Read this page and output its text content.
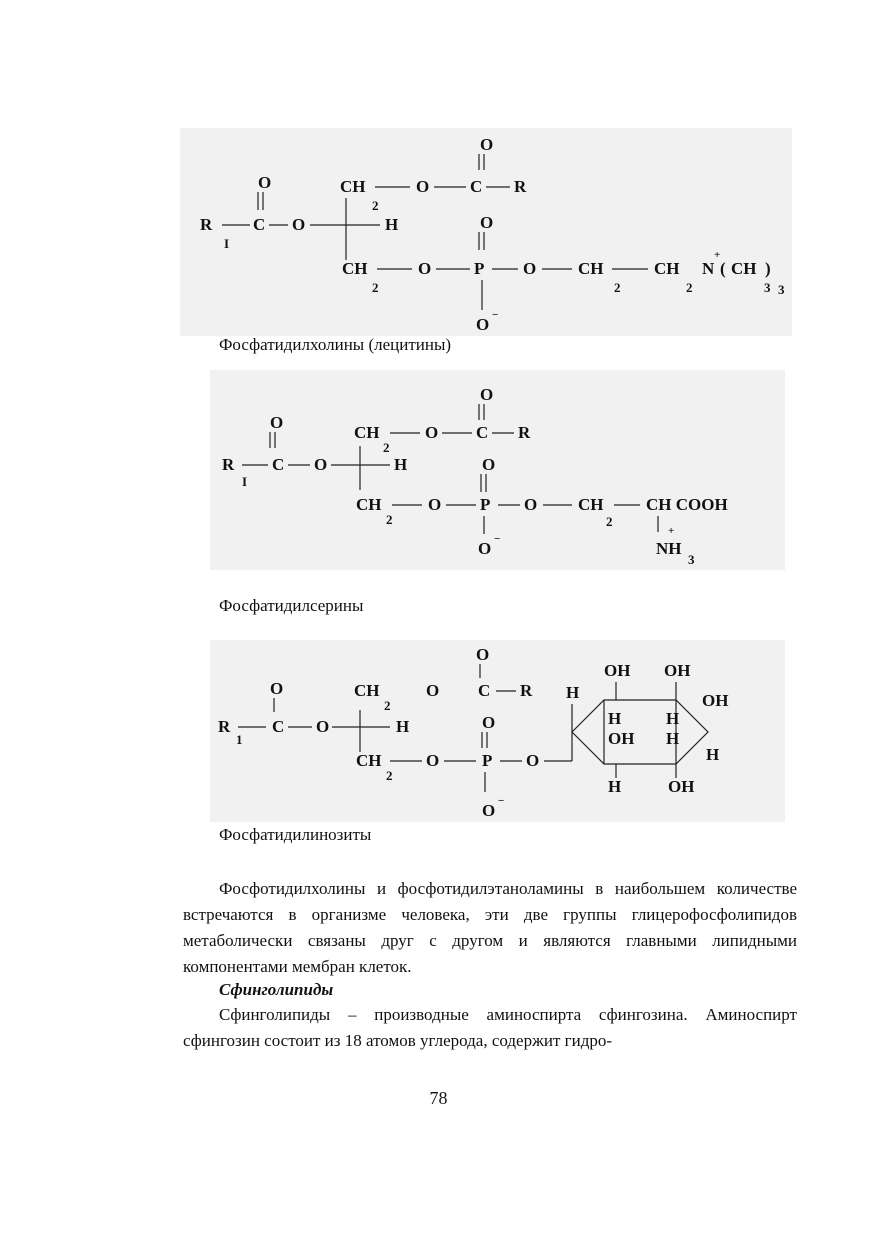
O
O	CH
2
O C R
R C O	H
I
O
CH
2
O	P O CH
2
CH
2
N
+
( CH )
3 3
O −
Фосфатидилхолины (лецитины)
O
O
CH
2
O C R
R C O	H
I
O
CH
2
O P O CH
2
CH COOH
+
NH
3
O −
Фосфатидилсерины
O
O	CH
2
O C R
R
1
C O	H	O
CH
2
O	P O
O −
H
OH OH
OH
H	H
OH H
H
H	OH
Фосфатидилинозиты

Фосфотидилхолины и фосфотидилэтаноламины в наибольшем количестве встречаются в организме человека, эти две группы глицерофосфолипидов метаболически связаны друг с другом и являются главными липидными компонентами мембран клеток.

Сфинголипиды

Сфинголипиды – производные аминоспирта сфингозина. Аминоспирт сфингозин состоит из 18 атомов углерода, содержит гидро-

78
